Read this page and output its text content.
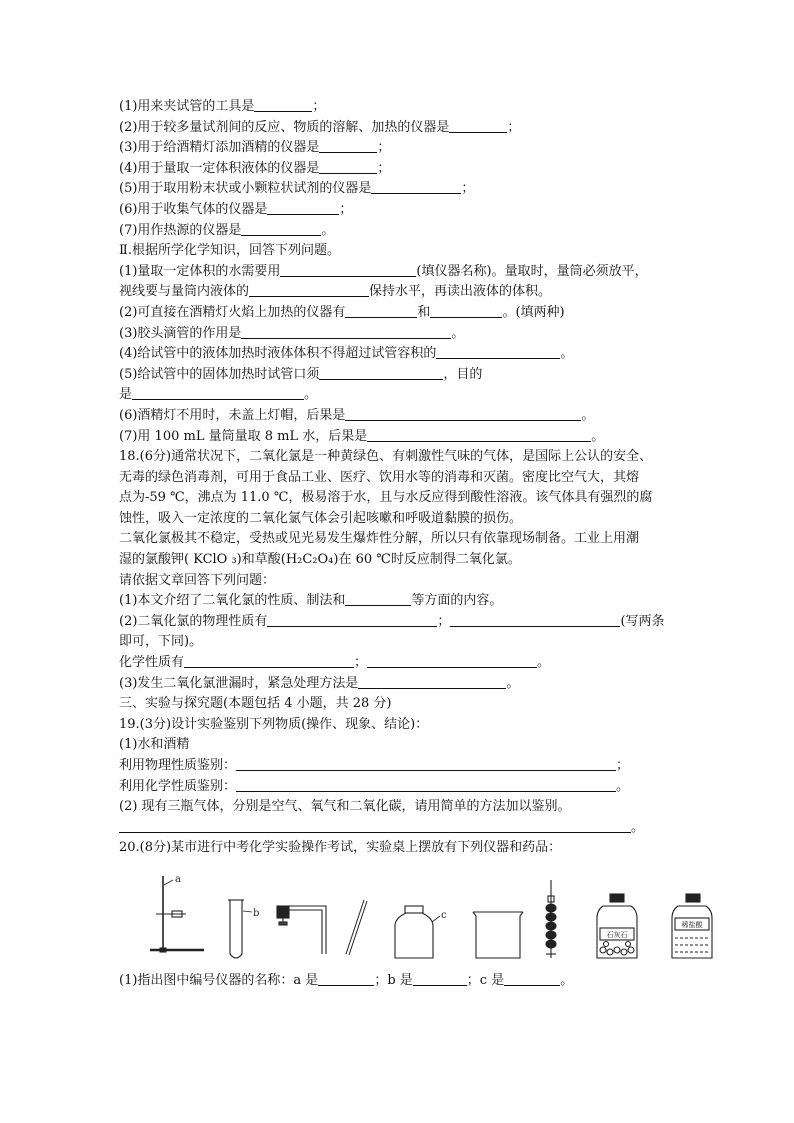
(1)用来夹试管的工具是	；
(2)用于较多量试剂间的反应、物质的溶解、加热的仪器是	；
(3)用于给酒精灯添加酒精的仪器是	；
(4)用于量取一定体积液体的仪器是	；
(5)用于取用粉末状或小颗粒状试剂的仪器是	；
(6)用于收集气体的仪器是	；
(7)用作热源的仪器是	。
Ⅱ.根据所学化学知识，回答下列问题。
(1)量取一定体积的水需要用	(填仪器名称)。量取时，量筒必须放平，
视线要与量筒内液体的	保持水平，再读出液体的体积。
(2)可直接在酒精灯火焰上加热的仪器有	和	。(填两种)
(3)胶头滴管的作用是	。
(4)给试管中的液体加热时液体体积不得超过试管容积的	。
(5)给试管中的固体加热时试管口须	，目的
是	。
(6)酒精灯不用时，未盖上灯帽，后果是	。
(7)用 100 mL 量筒量取 8 mL 水，后果是	。
18.(6分)通常状况下，二氧化氯是一种黄绿色、有刺激性气味的气体，是国际上公认的安全、
无毒的绿色消毒剂，可用于食品工业、医疗、饮用水等的消毒和灭菌。密度比空气大，其熔
点为-59 ℃，沸点为 11.0 ℃，极易溶于水，且与水反应得到酸性溶液。该气体具有强烈的腐
蚀性，吸入一定浓度的二氧化氯气体会引起咳嗽和呼吸道黏膜的损伤。
二氧化氯极其不稳定，受热或见光易发生爆炸性分解，所以只有依靠现场制备。工业上用潮
湿的氯酸钾( KClO ₃)和草酸(H₂C₂O₄)在 60 ℃时反应制得二氧化氯。
请依据文章回答下列问题：
(1)本文介绍了二氧化氯的性质、制法和	等方面的内容。
(2)二氧化氯的物理性质有	；	(写两条
即可，下同)。
化学性质有	；	。
(3)发生二氧化氯泄漏时，紧急处理方法是	。
三、实验与探究题(本题包括 4 小题，共 28 分)
19.(3分)设计实验鉴别下列物质(操作、现象、结论)：
(1)水和酒精
利用物理性质鉴别：	；
利用化学性质鉴别：	。
(2) 现有三瓶气体，分别是空气、氧气和二氧化碳，请用简单的方法加以鉴别。
。
20.(8分)某市进行中考化学实验操作考试，实验桌上摆放有下列仪器和药品：
a
b	c
石灰石
稀盐酸
(1)指出图中编号仪器的名称：a 是	；b 是	；c 是	。
